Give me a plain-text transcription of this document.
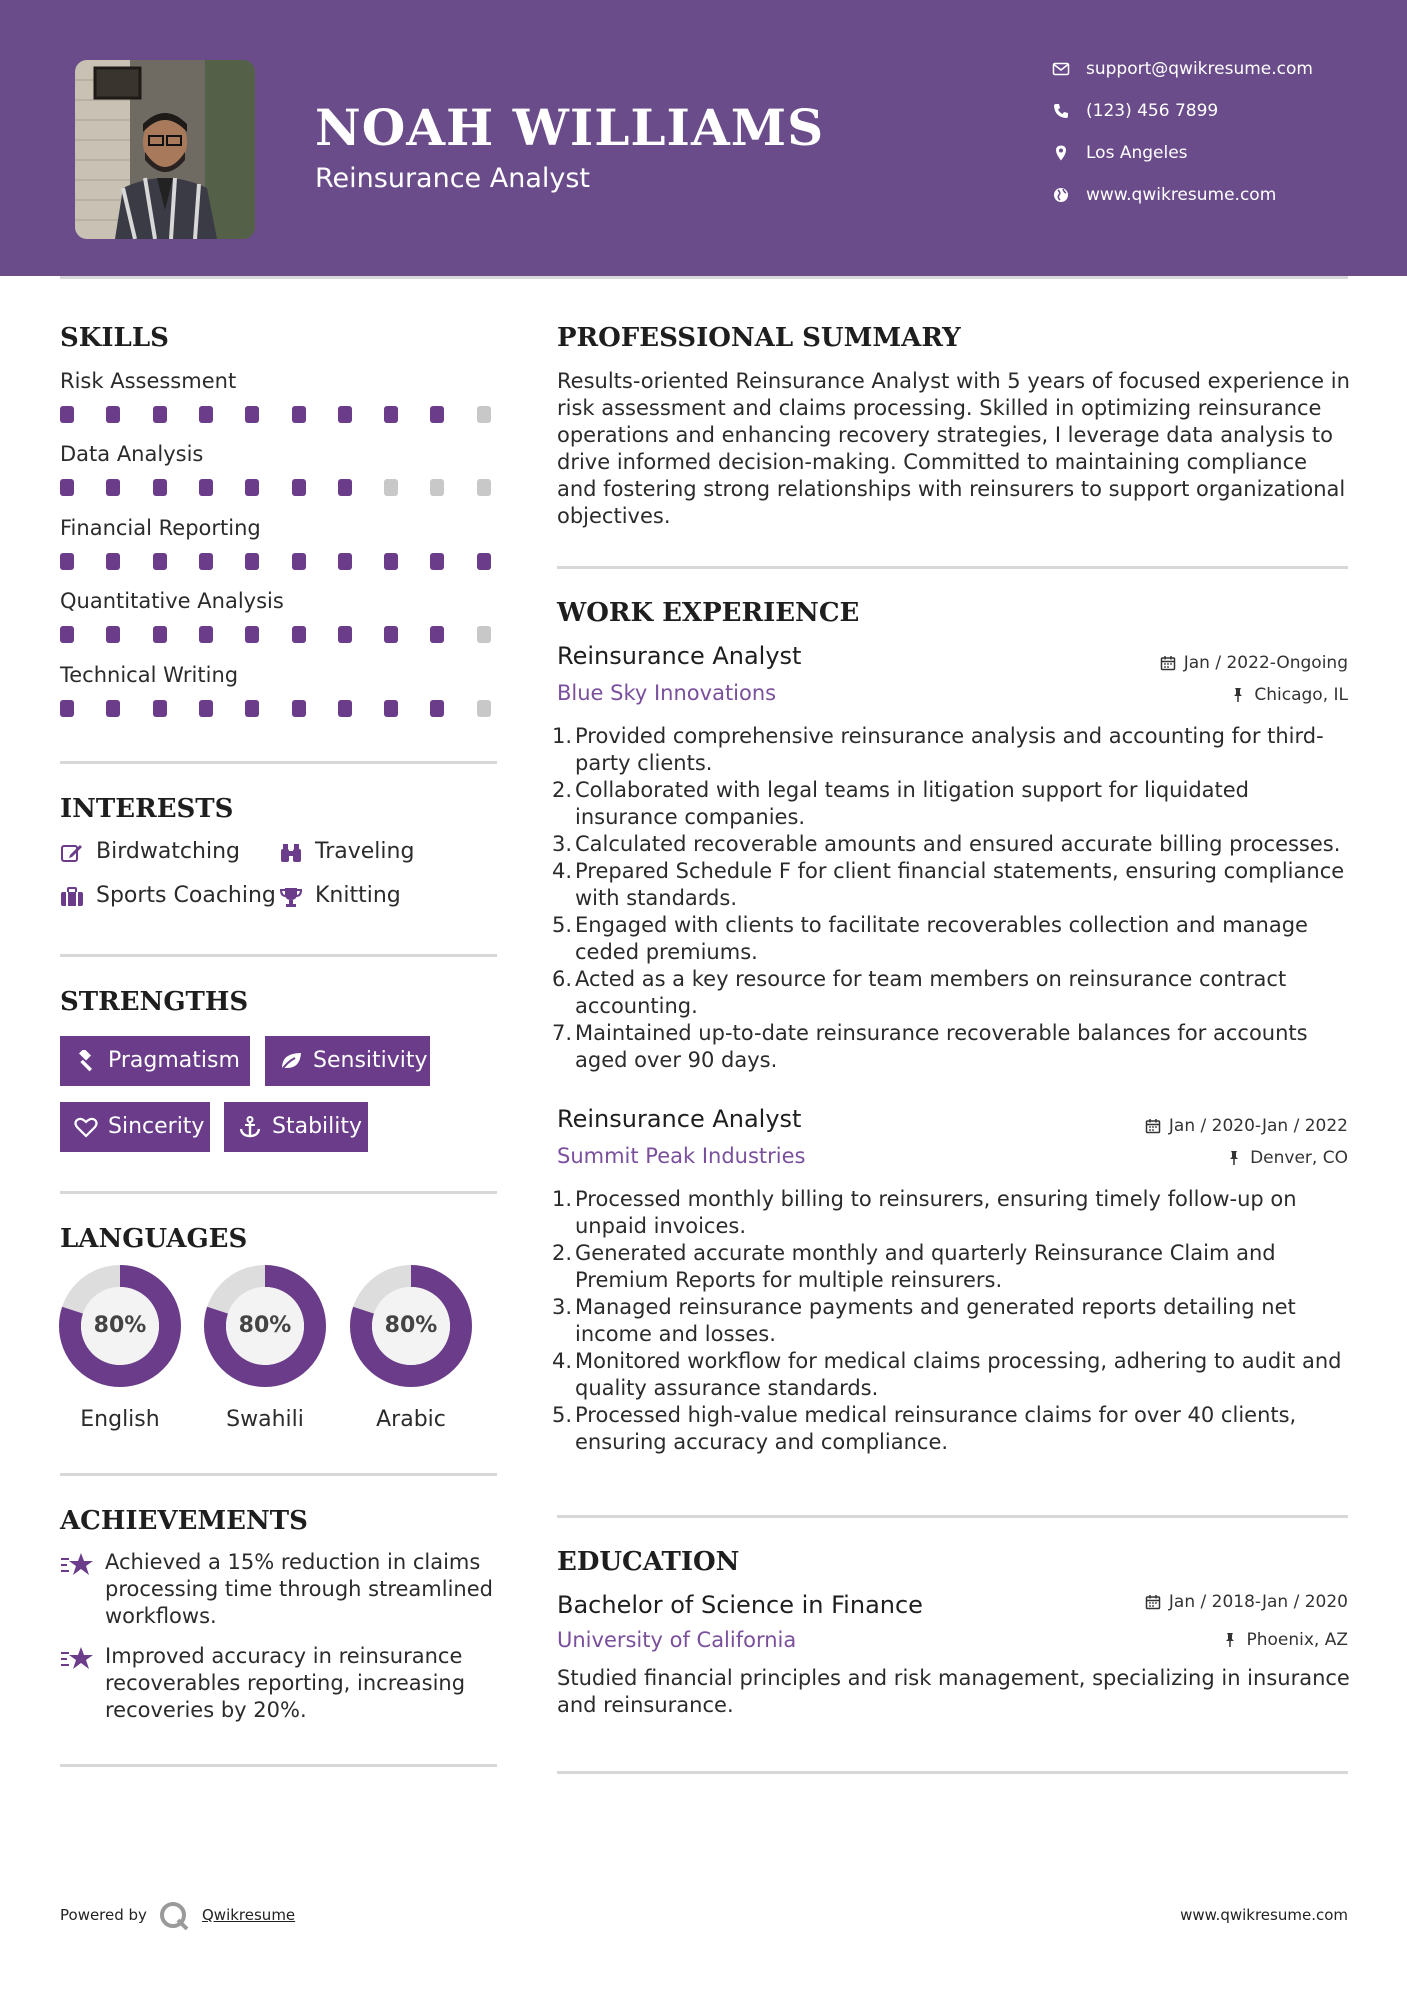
NOAH WILLIAMS
Reinsurance Analyst
support@qwikresume.com
(123) 456 7899
Los Angeles
www.qwikresume.com
SKILLS
Risk Assessment
Data Analysis
Financial Reporting
Quantitative Analysis
Technical Writing
INTERESTS
Birdwatching	Traveling
Sports Coaching	Knitting
STRENGTHS
Pragmatism	Sensitivity
Sincerity	Stability
LANGUAGES
80%
English
80%
Swahili
80%
Arabic
ACHIEVEMENTS
Achieved a 15% reduction in claims processing time through streamlined workflows.
Improved accuracy in reinsurance recoverables reporting, increasing recoveries by 20%.
PROFESSIONAL SUMMARY
Results-oriented Reinsurance Analyst with 5 years of focused experience in risk assessment and claims processing. Skilled in optimizing reinsurance operations and enhancing recovery strategies, I leverage data analysis to drive informed decision-making. Committed to maintaining compliance and fostering strong relationships with reinsurers to support organizational objectives.
WORK EXPERIENCE
Reinsurance Analyst	Jan / 2022-Ongoing
Blue Sky Innovations	Chicago, IL
1. Provided comprehensive reinsurance analysis and accounting for third-party clients.
2. Collaborated with legal teams in litigation support for liquidated insurance companies.
3. Calculated recoverable amounts and ensured accurate billing processes.
4. Prepared Schedule F for client financial statements, ensuring compliance with standards.
5. Engaged with clients to facilitate recoverables collection and manage ceded premiums.
6. Acted as a key resource for team members on reinsurance contract accounting.
7. Maintained up-to-date reinsurance recoverable balances for accounts aged over 90 days.
Reinsurance Analyst	Jan / 2020-Jan / 2022
Summit Peak Industries	Denver, CO
1. Processed monthly billing to reinsurers, ensuring timely follow-up on unpaid invoices.
2. Generated accurate monthly and quarterly Reinsurance Claim and Premium Reports for multiple reinsurers.
3. Managed reinsurance payments and generated reports detailing net income and losses.
4. Monitored workflow for medical claims processing, adhering to audit and quality assurance standards.
5. Processed high-value medical reinsurance claims for over 40 clients, ensuring accuracy and compliance.
EDUCATION
Bachelor of Science in Finance	Jan / 2018-Jan / 2020
University of California	Phoenix, AZ
Studied financial principles and risk management, specializing in insurance and reinsurance.
Powered by	Qwikresume	www.qwikresume.com
